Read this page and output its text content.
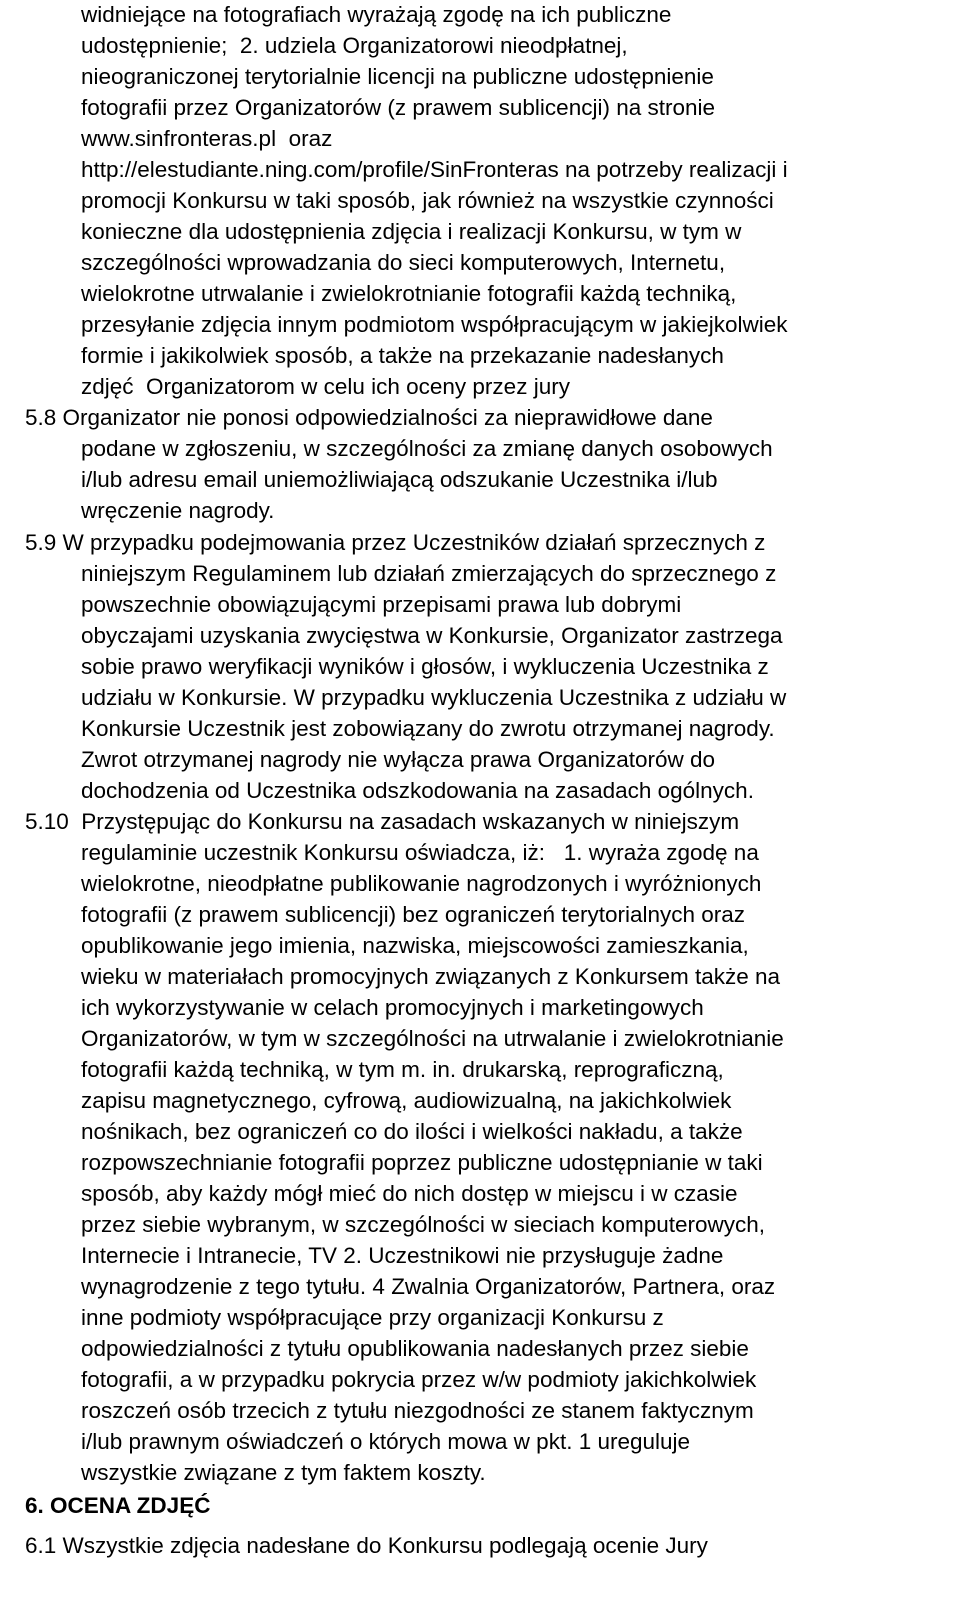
widniejące na fotografiach wyrażają zgodę na ich publiczne
udostępnienie;  2. udziela Organizatorowi nieodpłatnej,
nieograniczonej terytorialnie licencji na publiczne udostępnienie
fotografii przez Organizatorów (z prawem sublicencji) na stronie
www.sinfronteras.pl  oraz
http://elestudiante.ning.com/profile/SinFronteras na potrzeby realizacji i
promocji Konkursu w taki sposób, jak również na wszystkie czynności
konieczne dla udostępnienia zdjęcia i realizacji Konkursu, w tym w
szczególności wprowadzania do sieci komputerowych, Internetu,
wielokrotne utrwalanie i zwielokrotnianie fotografii każdą techniką,
przesyłanie zdjęcia innym podmiotom współpracującym w jakiejkolwiek
formie i jakikolwiek sposób, a także na przekazanie nadesłanych
zdjęć  Organizatorom w celu ich oceny przez jury
5.8 Organizator nie ponosi odpowiedzialności za nieprawidłowe dane
podane w zgłoszeniu, w szczególności za zmianę danych osobowych
i/lub adresu email uniemożliwiającą odszukanie Uczestnika i/lub
wręczenie nagrody.
5.9 W przypadku podejmowania przez Uczestników działań sprzecznych z
niniejszym Regulaminem lub działań zmierzających do sprzecznego z
powszechnie obowiązującymi przepisami prawa lub dobrymi
obyczajami uzyskania zwycięstwa w Konkursie, Organizator zastrzega
sobie prawo weryfikacji wyników i głosów, i wykluczenia Uczestnika z
udziału w Konkursie. W przypadku wykluczenia Uczestnika z udziału w
Konkursie Uczestnik jest zobowiązany do zwrotu otrzymanej nagrody.
Zwrot otrzymanej nagrody nie wyłącza prawa Organizatorów do
dochodzenia od Uczestnika odszkodowania na zasadach ogólnych.
5.10  Przystępując do Konkursu na zasadach wskazanych w niniejszym
regulaminie uczestnik Konkursu oświadcza, iż:   1. wyraża zgodę na
wielokrotne, nieodpłatne publikowanie nagrodzonych i wyróżnionych
fotografii (z prawem sublicencji) bez ograniczeń terytorialnych oraz
opublikowanie jego imienia, nazwiska, miejscowości zamieszkania,
wieku w materiałach promocyjnych związanych z Konkursem także na
ich wykorzystywanie w celach promocyjnych i marketingowych
Organizatorów, w tym w szczególności na utrwalanie i zwielokrotnianie
fotografii każdą techniką, w tym m. in. drukarską, reprograficzną,
zapisu magnetycznego, cyfrową, audiowizualną, na jakichkolwiek
nośnikach, bez ograniczeń co do ilości i wielkości nakładu, a także
rozpowszechnianie fotografii poprzez publiczne udostępnianie w taki
sposób, aby każdy mógł mieć do nich dostęp w miejscu i w czasie
przez siebie wybranym, w szczególności w sieciach komputerowych,
Internecie i Intranecie, TV 2. Uczestnikowi nie przysługuje żadne
wynagrodzenie z tego tytułu. 4 Zwalnia Organizatorów, Partnera, oraz
inne podmioty współpracujące przy organizacji Konkursu z
odpowiedzialności z tytułu opublikowania nadesłanych przez siebie
fotografii, a w przypadku pokrycia przez w/w podmioty jakichkolwiek
roszczeń osób trzecich z tytułu niezgodności ze stanem faktycznym
i/lub prawnym oświadczeń o których mowa w pkt. 1 ureguluje
wszystkie związane z tym faktem koszty.
6. OCENA ZDJĘĆ
6.1 Wszystkie zdjęcia nadesłane do Konkursu podlegają ocenie Jury
